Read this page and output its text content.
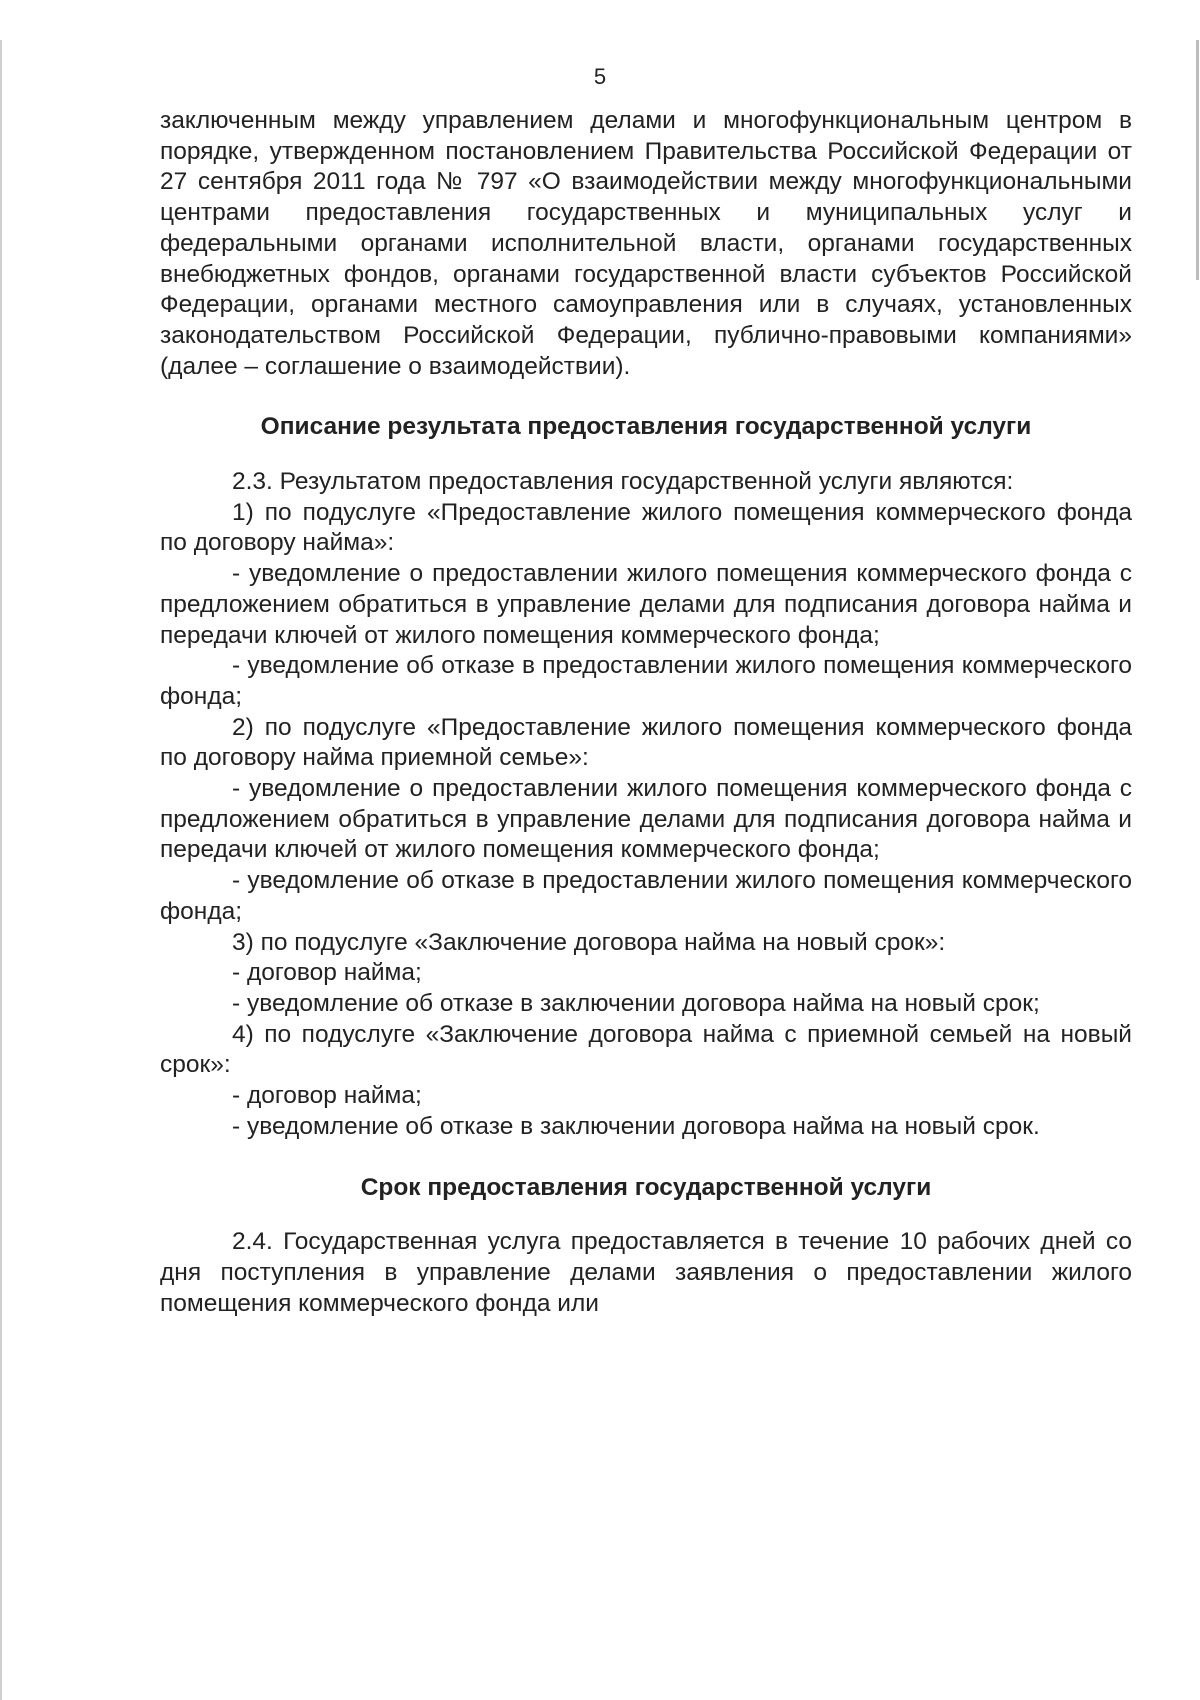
5

заключенным между управлением делами и многофункциональным центром в порядке, утвержденном постановлением Правительства Российской Федерации от 27 сентября 2011 года № 797 «О взаимодействии между многофункциональными центрами предоставления государственных и муниципальных услуг и федеральными органами исполнительной власти, органами государственных внебюджетных фондов, органами государственной власти субъектов Российской Федерации, органами местного самоуправления или в случаях, установленных законодательством Российской Федерации, публично-правовыми компаниями» (далее – соглашение о взаимодействии).

Описание результата предоставления государственной услуги

2.3. Результатом предоставления государственной услуги являются:

1) по подуслуге «Предоставление жилого помещения коммерческого фонда по договору найма»:

- уведомление о предоставлении жилого помещения коммерческого фонда с предложением обратиться в управление делами для подписания договора найма и передачи ключей от жилого помещения коммерческого фонда;

- уведомление об отказе в предоставлении жилого помещения коммерческого фонда;

2) по подуслуге «Предоставление жилого помещения коммерческого фонда по договору найма приемной семье»:

- уведомление о предоставлении жилого помещения коммерческого фонда с предложением обратиться в управление делами для подписания договора найма и передачи ключей от жилого помещения коммерческого фонда;

- уведомление об отказе в предоставлении жилого помещения коммерческого фонда;

3) по подуслуге «Заключение договора найма на новый срок»:

- договор найма;

- уведомление об отказе в заключении договора найма на новый срок;

4) по подуслуге «Заключение договора найма с приемной семьей на новый срок»:

- договор найма;

- уведомление об отказе в заключении договора найма на новый срок.

Срок предоставления государственной услуги

2.4. Государственная услуга предоставляется в течение 10 рабочих дней со дня поступления в управление делами заявления о предоставлении жилого помещения коммерческого фонда или
